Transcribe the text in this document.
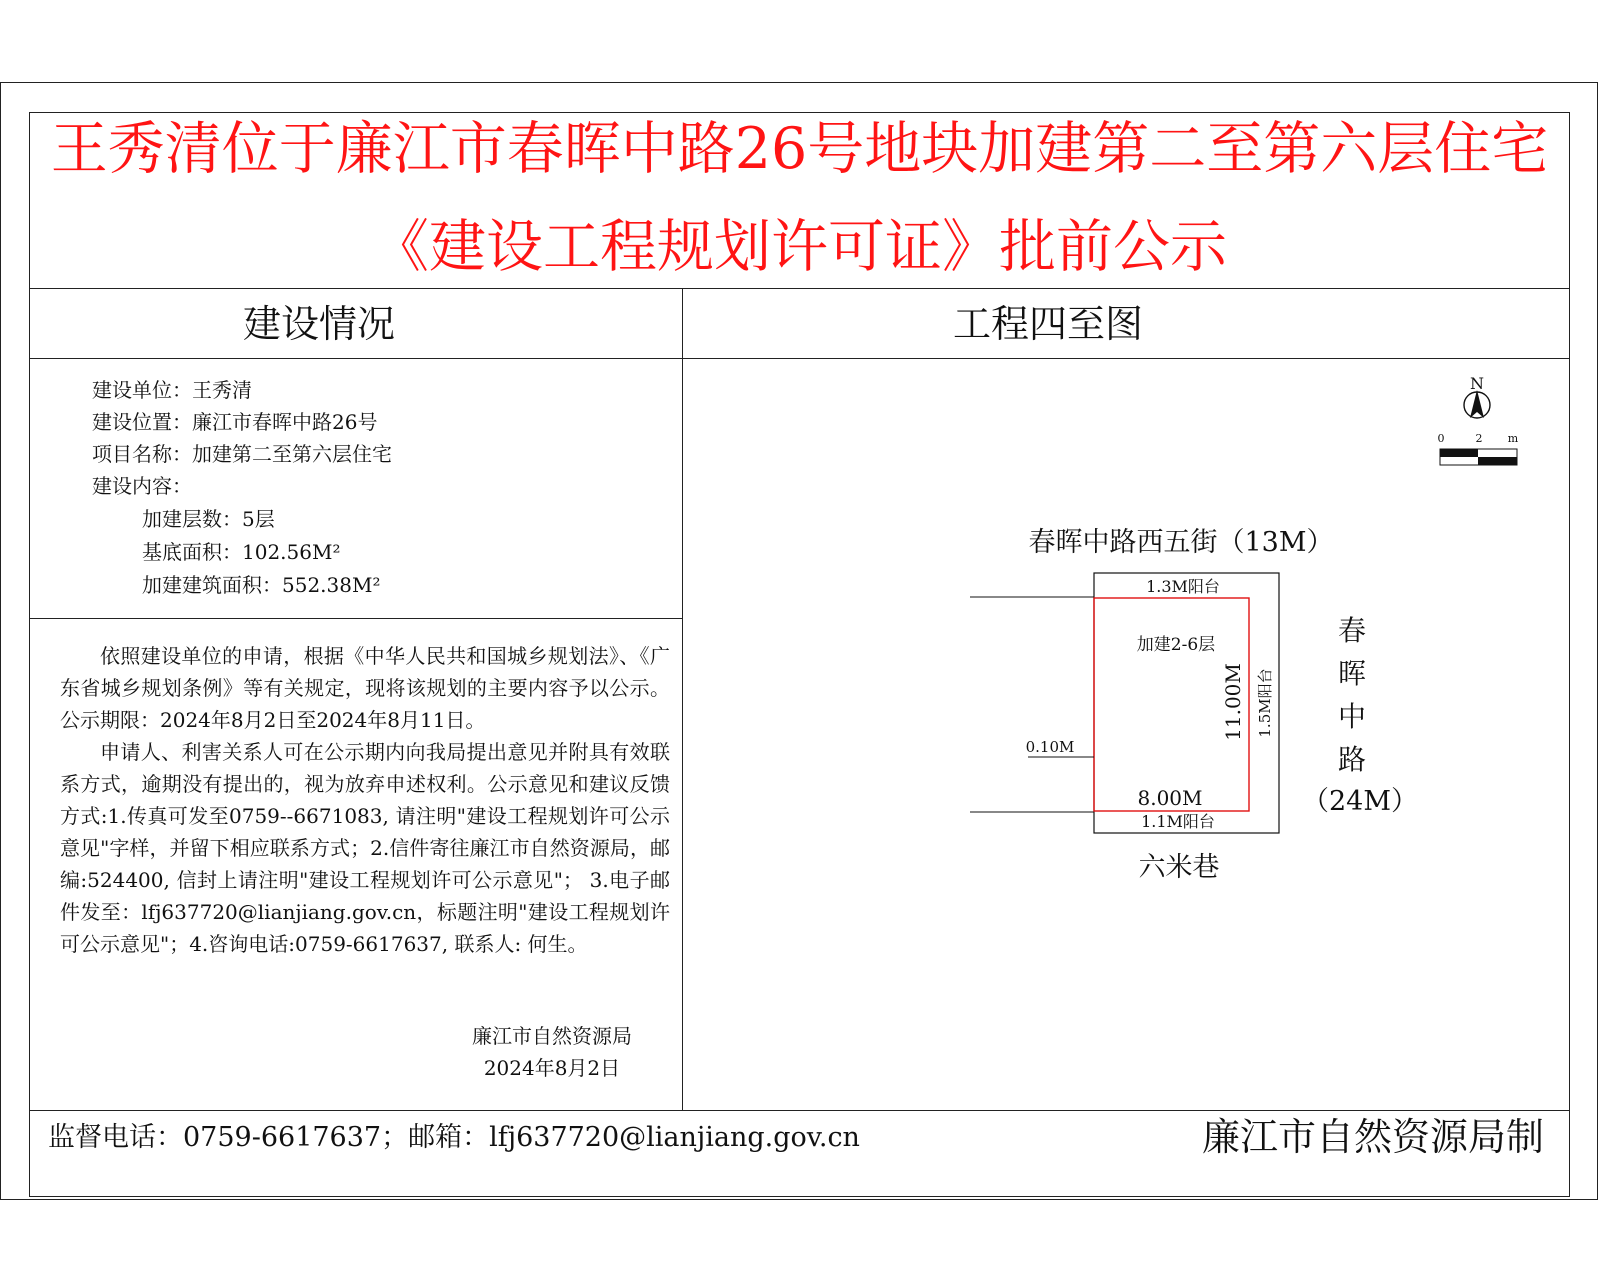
王秀清位于廉江市春晖中路26号地块加建第二至第六层住宅
《建设工程规划许可证》批前公示
建设情况	工程四至图
建设单位：王秀清
建设位置：廉江市春晖中路26号
项目名称：加建第二至第六层住宅
建设内容：
加建层数：5层
基底面积：102.56M²
加建建筑面积：552.38M²

依照建设单位的申请，根据《中华人民共和国城乡规划法》、《广东省城乡规划条例》等有关规定，现将该规划的主要内容予以公示。公示期限：2024年8月2日至2024年8月11日。

申请人、利害关系人可在公示期内向我局提出意见并附具有效联系方式，逾期没有提出的，视为放弃申述权利。公示意见和建议反馈方式:1.传真可发至0759--6671083, 请注明"建设工程规划许可公示意见"字样，并留下相应联系方式；2.信件寄往廉江市自然资源局，邮编:524400, 信封上请注明"建设工程规划许可公示意见"； 3.电子邮件发至：lfj637720@lianjiang.gov.cn，标题注明"建设工程规划许可公示意见"；4.咨询电话:0759-6617637, 联系人: 何生。

廉江市自然资源局
2024年8月2日
N
0	2 m
春晖中路西五街（13M）
六米巷
春
晖
中
路
（24M）
1.3M阳台
1.1M阳台
加建2-6层
8.00M
0.10M
11.00M 1.5M阳台
监督电话：0759-6617637；邮箱：lfj637720@lianjiang.gov.cn	廉江市自然资源局制
